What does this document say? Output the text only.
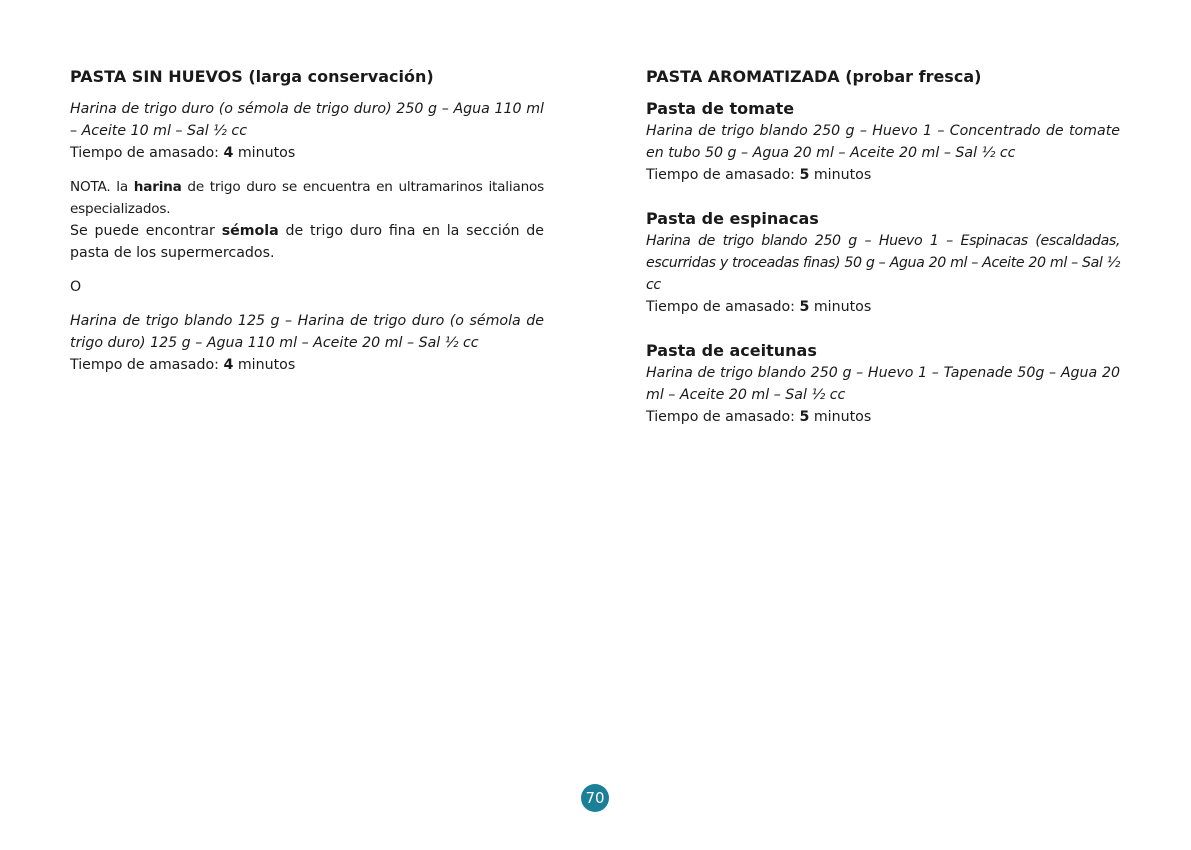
PASTA SIN HUEVOS (larga conservación)

Harina de trigo duro (o sémola de trigo duro) 250 g – Agua 110 ml – Aceite 10 ml – Sal ½ cc

Tiempo de amasado: 4 minutos

NOTA. la harina de trigo duro se encuentra en ultramarinos italianos especializados.

Se puede encontrar sémola de trigo duro fina en la sección de pasta de los supermercados.

O

Harina de trigo blando 125 g – Harina de trigo duro (o sémola de trigo duro) 125 g – Agua 110 ml – Aceite 20 ml – Sal ½ cc

Tiempo de amasado: 4 minutos

PASTA AROMATIZADA (probar fresca)
Pasta de tomate

Harina de trigo blando 250 g – Huevo 1 – Concentrado de tomate en tubo 50 g – Agua 20 ml – Aceite 20 ml – Sal ½ cc

Tiempo de amasado: 5 minutos

Pasta de espinacas

Harina de trigo blando 250 g – Huevo 1 – Espinacas (escaldadas, escurridas y troceadas finas) 50 g – Agua 20 ml – Aceite 20 ml – Sal ½ cc

Tiempo de amasado: 5 minutos

Pasta de aceitunas

Harina de trigo blando 250 g – Huevo 1 – Tapenade 50g – Agua 20 ml – Aceite 20 ml – Sal ½ cc

Tiempo de amasado: 5 minutos

70
